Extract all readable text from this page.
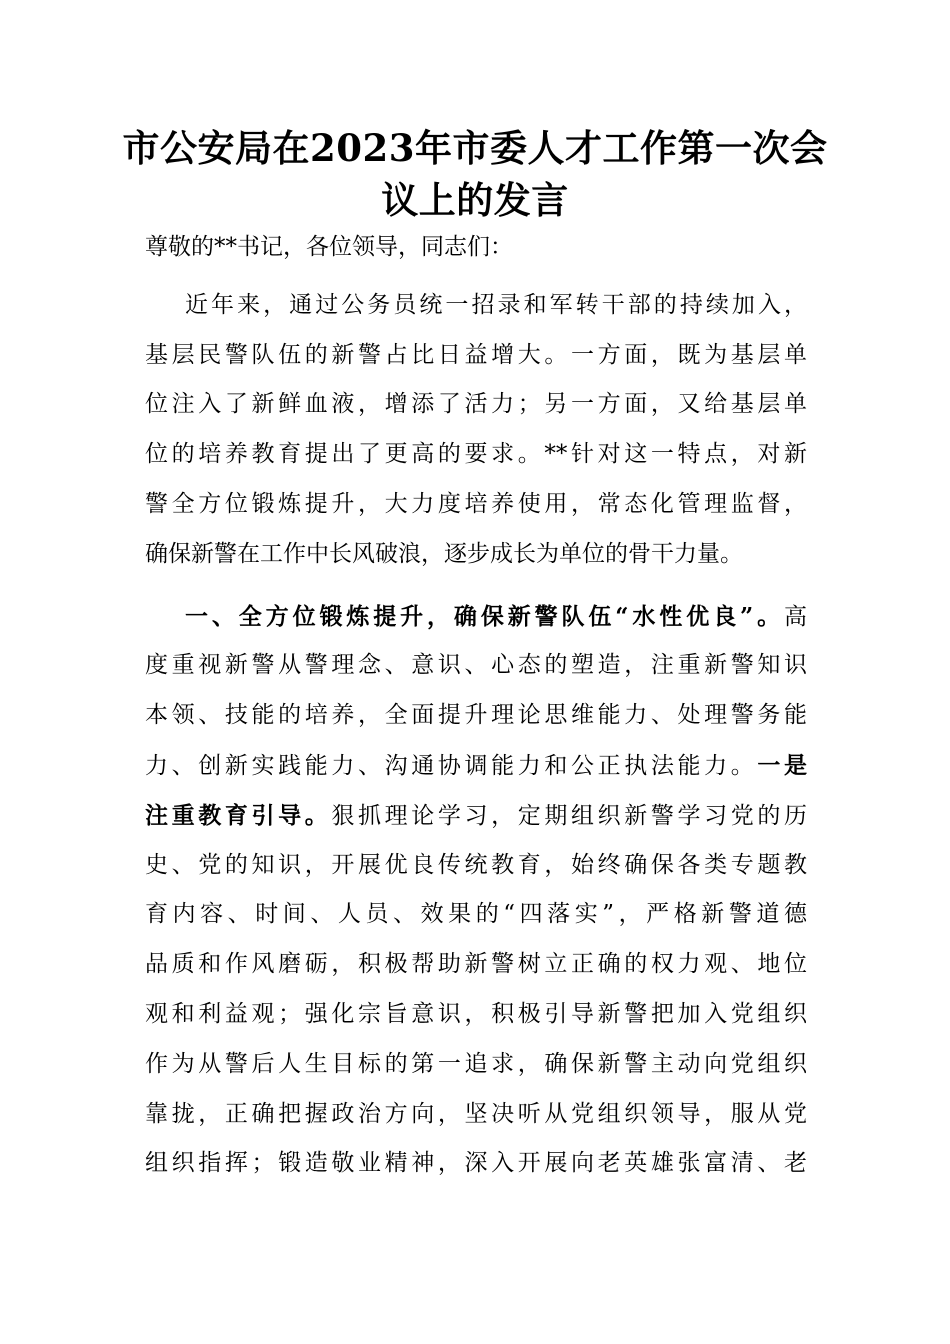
市公安局在2023年市委人才工作第一次会
议上的发言
尊敬的**书记，各位领导，同志们：
近年来，通过公务员统一招录和军转干部的持续加入，
基层民警队伍的新警占比日益增大。一方面，既为基层单
位注入了新鲜血液，增添了活力；另一方面，又给基层单
位的培养教育提出了更高的要求。**针对这一特点，对新
警全方位锻炼提升，大力度培养使用，常态化管理监督，
确保新警在工作中长风破浪，逐步成长为单位的骨干力量。
一、全方位锻炼提升，确保新警队伍“水性优良”。高
度重视新警从警理念、意识、心态的塑造，注重新警知识
本领、技能的培养，全面提升理论思维能力、处理警务能
力、创新实践能力、沟通协调能力和公正执法能力。一是
注重教育引导。狠抓理论学习，定期组织新警学习党的历
史、党的知识，开展优良传统教育，始终确保各类专题教
育内容、时间、人员、效果的“四落实”，严格新警道德
品质和作风磨砺，积极帮助新警树立正确的权力观、地位
观和利益观；强化宗旨意识，积极引导新警把加入党组织
作为从警后人生目标的第一追求，确保新警主动向党组织
靠拢，正确把握政治方向，坚决听从党组织领导，服从党
组织指挥；锻造敬业精神，深入开展向老英雄张富清、老
